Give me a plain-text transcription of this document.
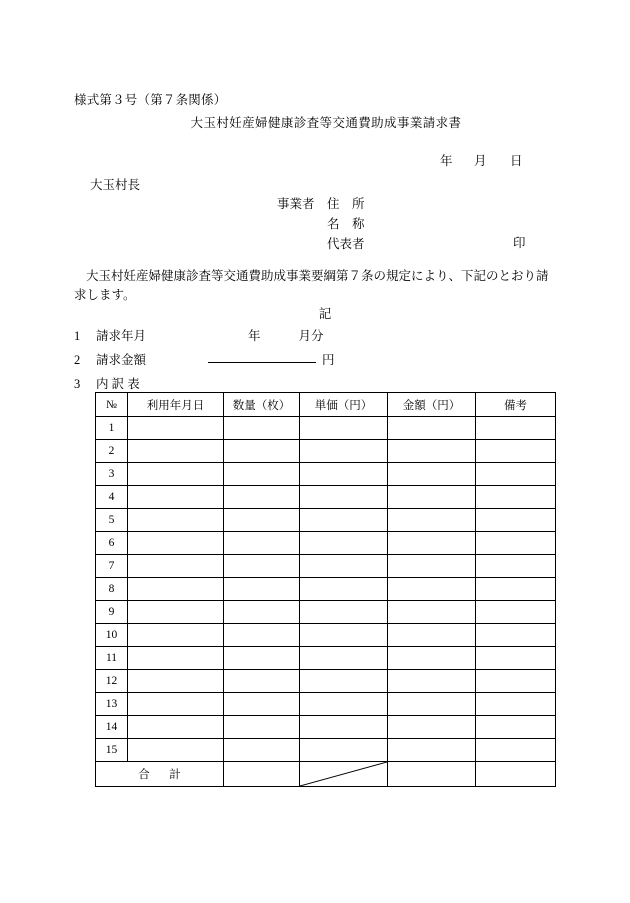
様式第３号（第７条関係）
大玉村妊産婦健康診査等交通費助成事業請求書
年 月 日
大玉村長
事業者 住　所
名　称
代表者	印
大玉村妊産婦健康診査等交通費助成事業要綱第７条の規定により、下記のとおり請求します。
記
1 請求年月	年	月分
2 請求金額	円
3 内 訳 表
№	利用年月日	数量（枚）	単価（円）	金額（円）	備考
1					
2					
3					
4					
5					
6					
7					
8					
9					
10					
11					
12					
13					
14					
15					
合　計		
